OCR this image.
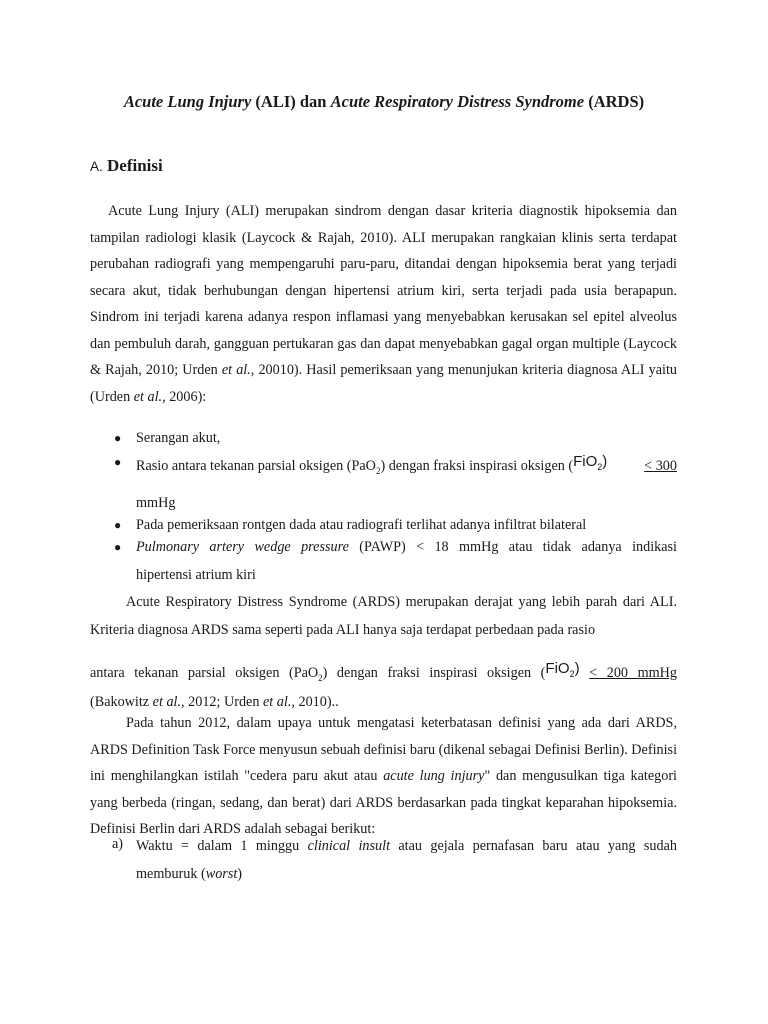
Acute Lung Injury (ALI) dan Acute Respiratory Distress Syndrome (ARDS)
A. Definisi

Acute Lung Injury (ALI) merupakan sindrom dengan dasar kriteria diagnostik hipoksemia dan tampilan radiologi klasik (Laycock & Rajah, 2010). ALI merupakan rangkaian klinis serta terdapat perubahan radiografi yang mempengaruhi paru-paru, ditandai dengan hipoksemia berat yang terjadi secara akut, tidak berhubungan dengan hipertensi atrium kiri, serta terjadi pada usia berapapun. Sindrom ini terjadi karena adanya respon inflamasi yang menyebabkan kerusakan sel epitel alveolus dan pembuluh darah, gangguan pertukaran gas dan dapat menyebabkan gagal organ multiple (Laycock & Rajah, 2010; Urden et al., 20010). Hasil pemeriksaan yang menunjukan kriteria diagnosa ALI yaitu (Urden et al., 2006):

● Serangan akut,
● Rasio antara tekanan parsial oksigen (PaO$_2$) dengan fraksi inspirasi oksigen (FiO$_2$)	< 300
mmHg
● Pada pemeriksaan rontgen dada atau radiografi terlihat adanya infiltrat bilateral
● Pulmonary artery wedge pressure (PAWP) < 18 mmHg atau tidak adanya indikasi
hipertensi atrium kiri

Acute Respiratory Distress Syndrome (ARDS) merupakan derajat yang lebih parah dari ALI. Kriteria diagnosa ARDS sama seperti pada ALI hanya saja terdapat perbedaan pada rasio

antara tekanan parsial oksigen (PaO$_2$) dengan fraksi inspirasi oksigen (FiO$_2$) < 200 mmHg
(Bakowitz et al., 2012; Urden et al., 2010)..

Pada tahun 2012, dalam upaya untuk mengatasi keterbatasan definisi yang ada dari ARDS, ARDS Definition Task Force menyusun sebuah definisi baru (dikenal sebagai Definisi Berlin). Definisi ini menghilangkan istilah "cedera paru akut atau acute lung injury" dan mengusulkan tiga kategori yang berbeda (ringan, sedang, dan berat) dari ARDS berdasarkan pada tingkat keparahan hipoksemia. Definisi Berlin dari ARDS adalah sebagai berikut:

a) Waktu = dalam 1 minggu clinical insult atau gejala pernafasan baru atau yang sudah memburuk (worst)
